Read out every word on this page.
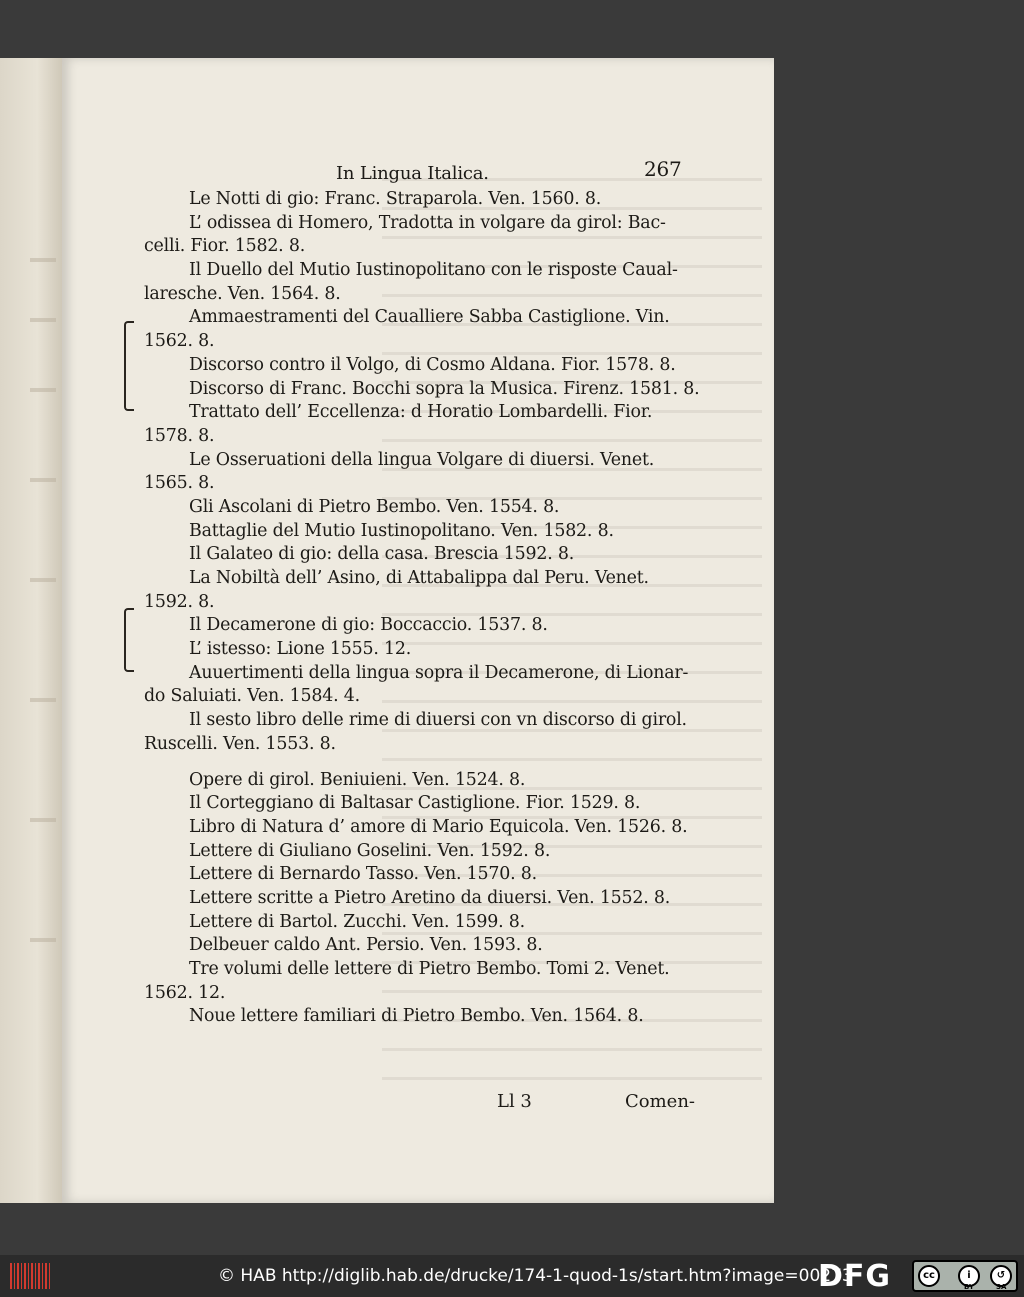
In Lingua Italica.	267
Le Notti di gio: Franc. Straparola. Ven. 1560. 8.
L’ odissea di Homero, Tradotta in volgare da girol: Bac-
celli. Fior. 1582. 8.
Il Duello del Mutio Iustinopolitano con le risposte Caual-
laresche. Ven. 1564. 8.
Ammaestramenti del Caualliere Sabba Castiglione. Vin.
1562. 8.
Discorso contro il Volgo, di Cosmo Aldana. Fior. 1578. 8.
Discorso di Franc. Bocchi sopra la Musica. Firenz. 1581. 8.
Trattato dell’ Eccellenza: d Horatio Lombardelli. Fior.
1578. 8.
Le Osseruationi della lingua Volgare di diuersi. Venet.
1565. 8.
Gli Ascolani di Pietro Bembo. Ven. 1554. 8.
Battaglie del Mutio Iustinopolitano. Ven. 1582. 8.
Il Galateo di gio: della casa. Brescia 1592. 8.
La Nobiltà dell’ Asino, di Attabalippa dal Peru. Venet.
1592. 8.
Il Decamerone di gio: Boccaccio. 1537. 8.
L’ istesso: Lione 1555. 12.
Auuertimenti della lingua sopra il Decamerone, di Lionar-
do Saluiati. Ven. 1584. 4.
Il sesto libro delle rime di diuersi con vn discorso di girol.
Ruscelli. Ven. 1553. 8.
Opere di girol. Beniuieni. Ven. 1524. 8.
Il Corteggiano di Baltasar Castiglione. Fior. 1529. 8.
Libro di Natura d’ amore di Mario Equicola. Ven. 1526. 8.
Lettere di Giuliano Goselini. Ven. 1592. 8.
Lettere di Bernardo Tasso. Ven. 1570. 8.
Lettere scritte a Pietro Aretino da diuersi. Ven. 1552. 8.
Lettere di Bartol. Zucchi. Ven. 1599. 8.
Delbeuer caldo Ant. Persio. Ven. 1593. 8.
Tre volumi delle lettere di Pietro Bembo. Tomi 2. Venet.
1562. 12.
Noue lettere familiari di Pietro Bembo. Ven. 1564. 8.
Ll 3	Comen-
© HAB http://diglib.hab.de/drucke/174-1-quod-1s/start.htm?image=00273
DFG	cc	i	↺
BY	SA
